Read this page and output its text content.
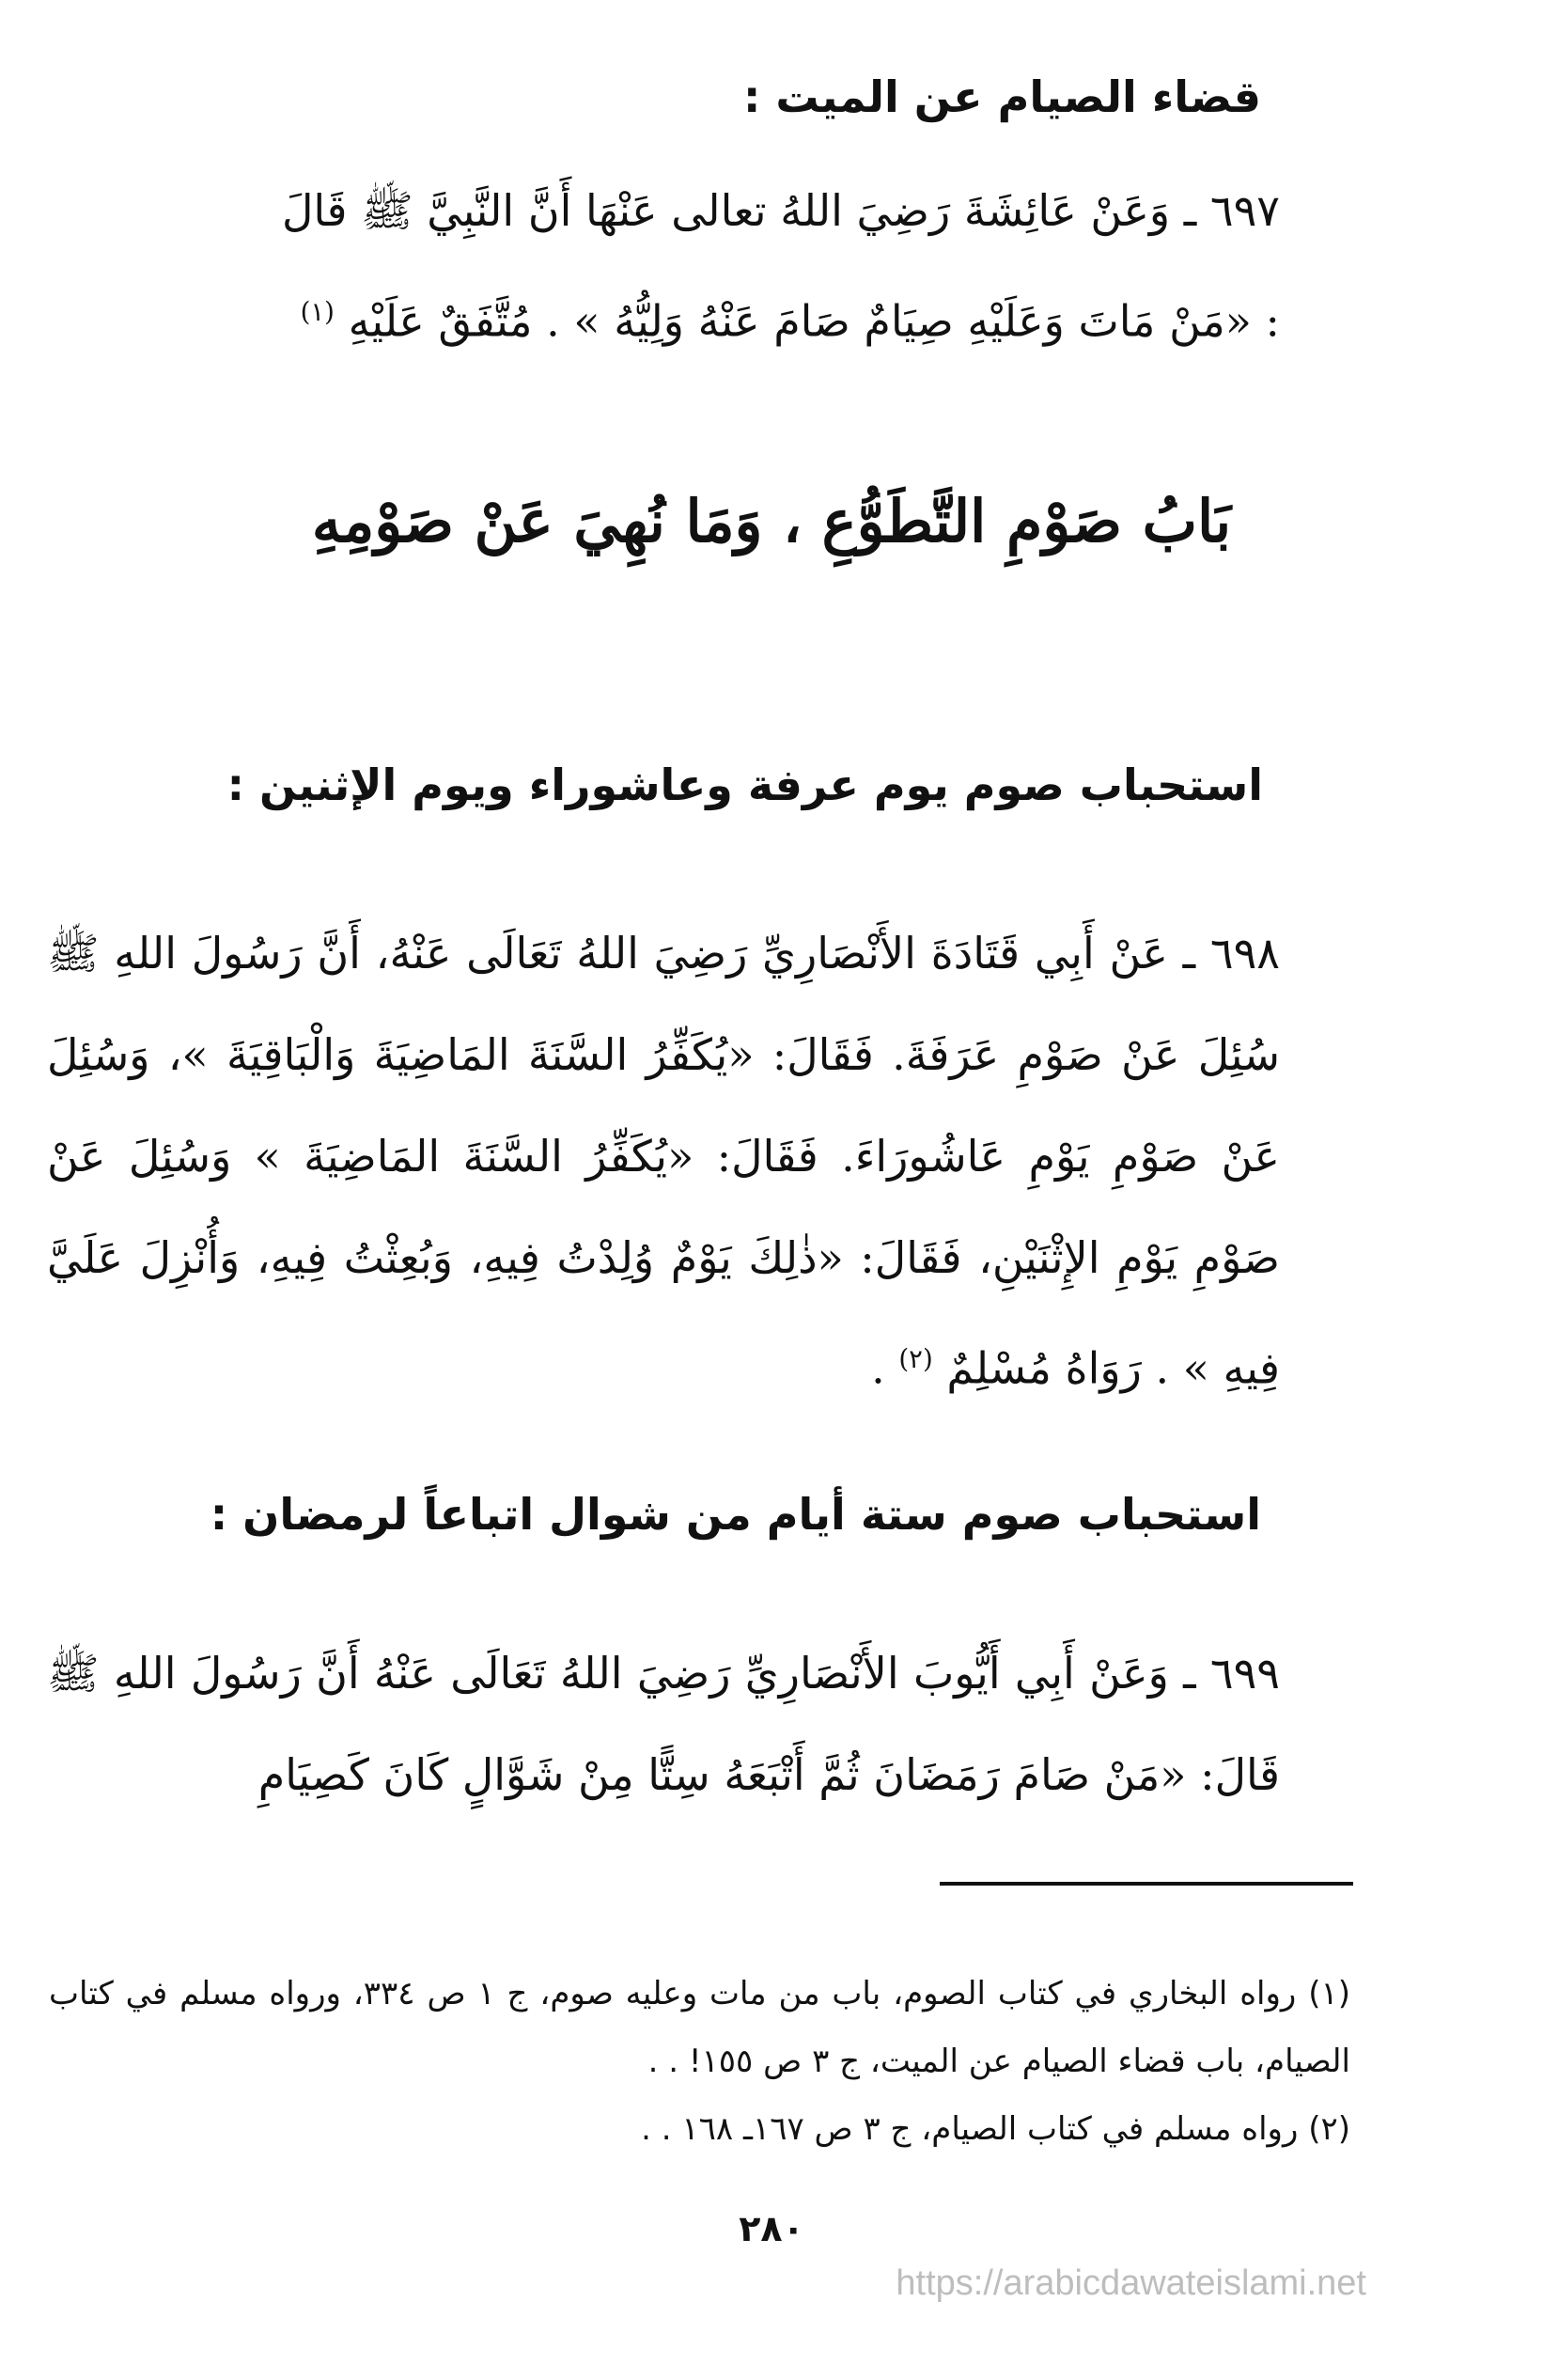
قضاء الصيام عن الميت :
٦٩٧ ـ وَعَنْ عَائِشَةَ رَضِيَ اللهُ تعالى عَنْهَا أَنَّ النَّبِيَّ ﷺ قَالَ : «مَنْ مَاتَ وَعَلَيْهِ صِيَامٌ صَامَ عَنْهُ وَلِيُّهُ » . مُتَّفَقٌ عَلَيْهِ $^{(١)}$
بَابُ صَوْمِ التَّطَوُّعِ ، وَمَا نُهِيَ عَنْ صَوْمِهِ
استحباب صوم يوم عرفة وعاشوراء ويوم الإثنين :
٦٩٨ ـ عَنْ أَبِي قَتَادَةَ الأَنْصَارِيِّ رَضِيَ اللهُ تَعَالَى عَنْهُ، أَنَّ رَسُولَ اللهِ ﷺ سُئِلَ عَنْ صَوْمِ عَرَفَةَ. فَقَالَ: «يُكَفِّرُ السَّنَةَ المَاضِيَةَ وَالْبَاقِيَةَ »، وَسُئِلَ عَنْ صَوْمِ يَوْمِ عَاشُورَاءَ. فَقَالَ: «يُكَفِّرُ السَّنَةَ المَاضِيَةَ » وَسُئِلَ عَنْ صَوْمِ يَوْمِ الإِثْنَيْنِ، فَقَالَ: «ذٰلِكَ يَوْمٌ وُلِدْتُ فِيهِ، وَبُعِثْتُ فِيهِ، وَأُنْزِلَ عَلَيَّ فِيهِ » . رَوَاهُ مُسْلِمٌ $^{(٢)}$ .
استحباب صوم ستة أيام من شوال اتباعاً لرمضان :
٦٩٩ ـ وَعَنْ أَبِي أَيُّوبَ الأَنْصَارِيِّ رَضِيَ اللهُ تَعَالَى عَنْهُ أَنَّ رَسُولَ اللهِ ﷺ قَالَ: «مَنْ صَامَ رَمَضَانَ ثُمَّ أَتْبَعَهُ سِتًّا مِنْ شَوَّالٍ كَانَ كَصِيَامِ
(١) رواه البخاري في كتاب الصوم، باب من مات وعليه صوم، ج ١ ص ٣٣٤، ورواه مسلم في كتاب الصيام، باب قضاء الصيام عن الميت، ج ٣ ص ١٥٥! . .
(٢) رواه مسلم في كتاب الصيام، ج ٣ ص ١٦٧ـ ١٦٨ . .
٢٨٠
https://arabicdawateislami.net
